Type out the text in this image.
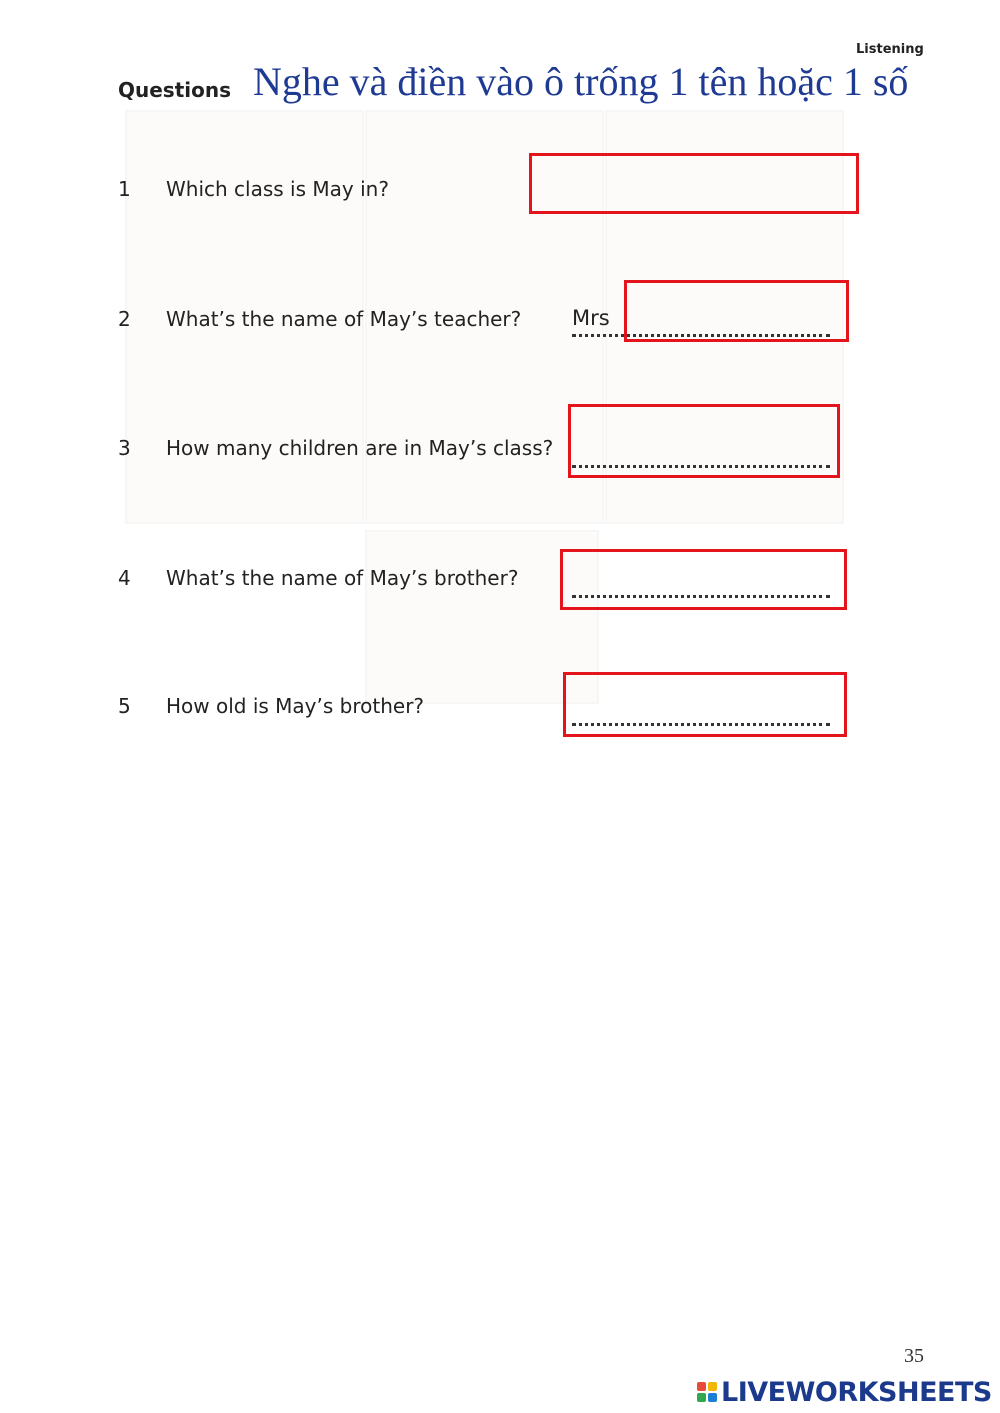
Listening
Questions Nghe và điền vào ô trống 1 tên hoặc 1 số
1 Which class is May in?
2 What’s the name of May’s teacher? Mrs
3 How many children are in May’s class?
4 What’s the name of May’s brother?
5 How old is May’s brother?
35
LIVEWORKSHEETS
